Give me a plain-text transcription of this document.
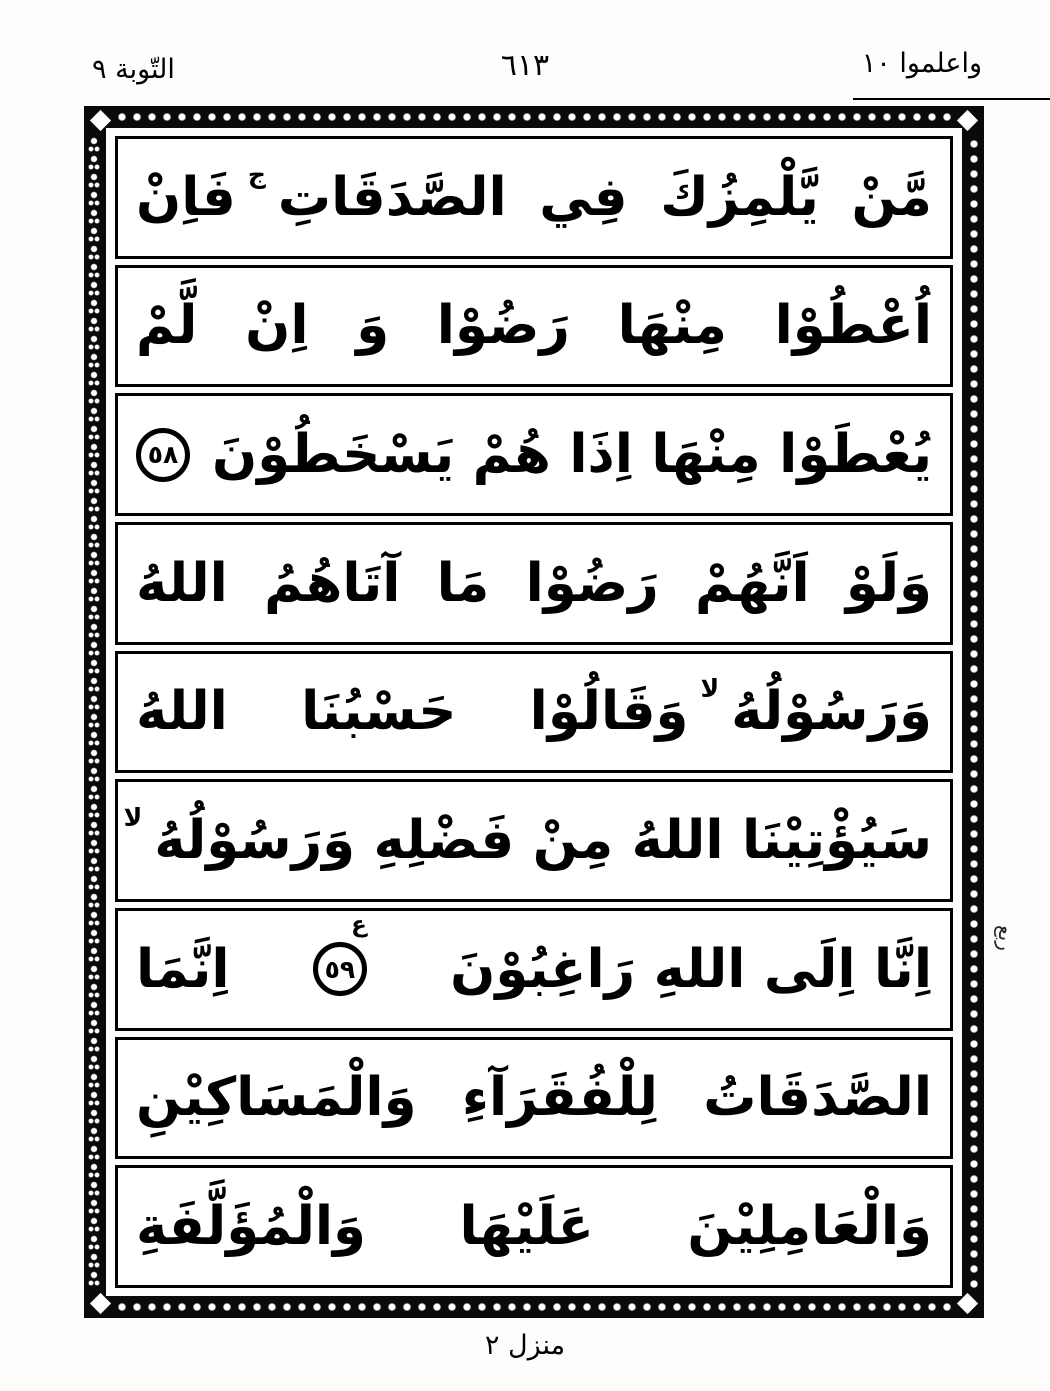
التّوبة ٩	٦١٣	واعلموا ١٠
مَّنْ يَّلْمِزُكَ فِي الصَّدَقَاتِجفَاِنْ
اُعْطُوْا مِنْهَا رَضُوْا وَ اِنْ لَّمْ
يُعْطَوْا مِنْهَا اِذَا هُمْ يَسْخَطُوْنَ
٥٨
وَلَوْ اَنَّهُمْ رَضُوْا مَا آتَاهُمُ اللهُ
وَرَسُوْلُهُلاوَقَالُوْا حَسْبُنَا اللهُ
سَيُؤْتِيْنَا اللهُ مِنْ فَضْلِهِ وَرَسُوْلُهُلا
اِنَّا اِلَى اللهِ رَاغِبُوْنَ
ع
٥٩
اِنَّمَا
الصَّدَقَاتُ لِلْفُقَرَآءِ وَالْمَسَاكِيْنِ
وَالْعَامِلِيْنَ عَلَيْهَا وَالْمُؤَلَّفَةِ
ربع
منزل ٢
